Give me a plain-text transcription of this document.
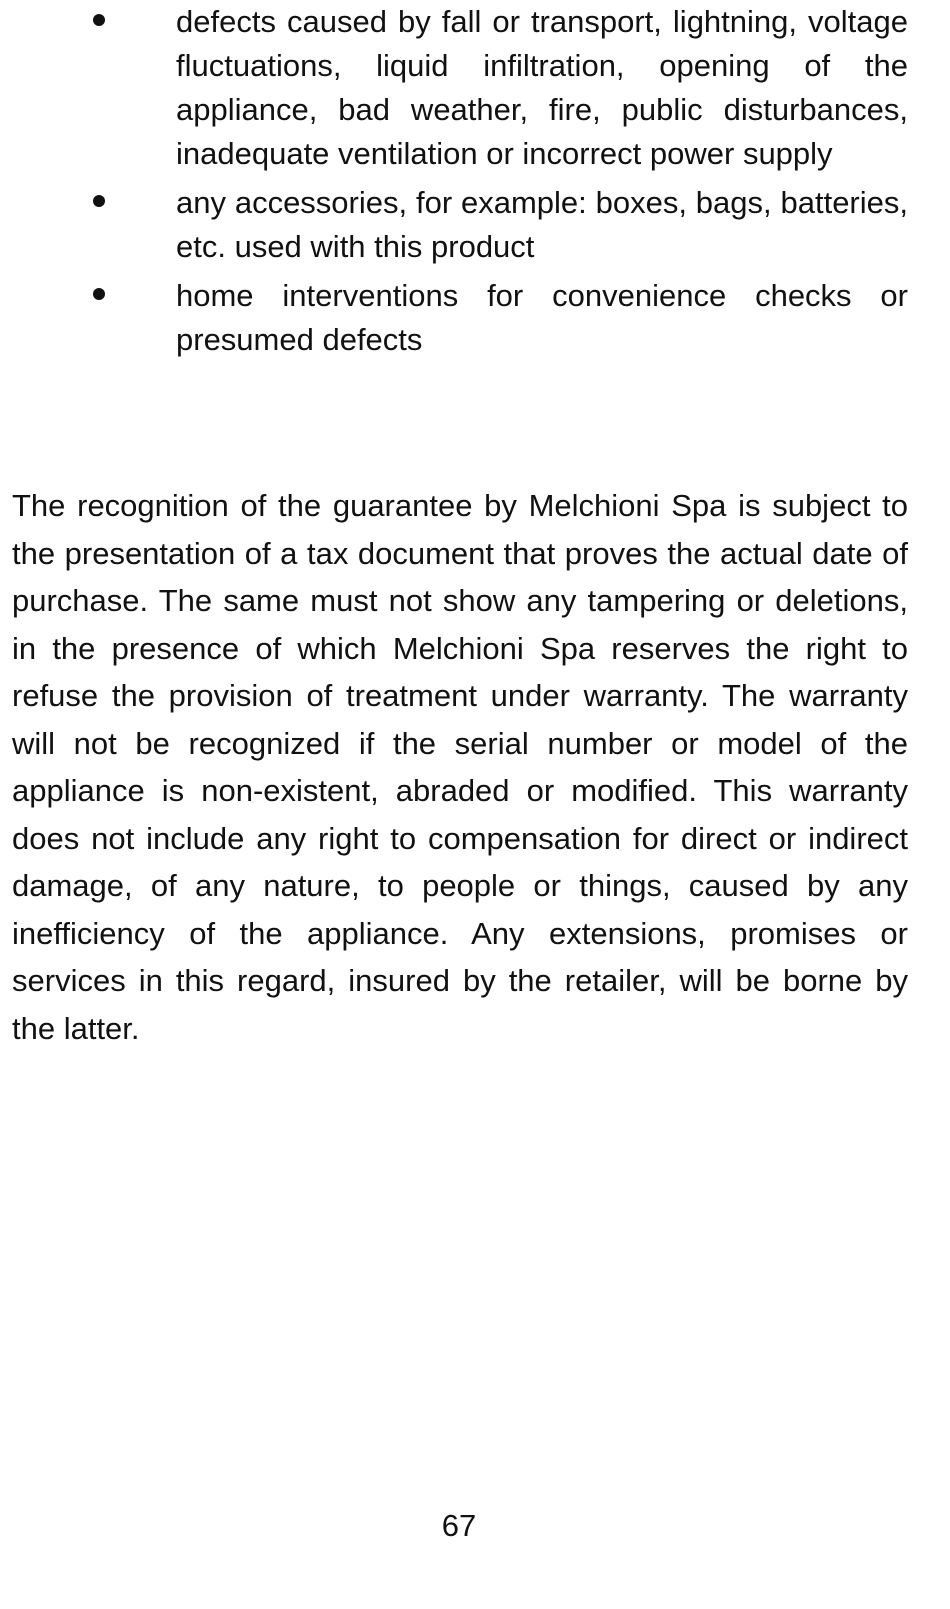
defects caused by fall or transport, lightning, voltage fluctuations, liquid infiltration, opening of the appliance, bad weather, fire, public disturbances, inadequate ventilation or incorrect power supply
any accessories, for example: boxes, bags, batteries, etc. used with this product
home interventions for convenience checks or presumed defects

The recognition of the guarantee by Melchioni Spa is subject to the presentation of a tax document that proves the actual date of purchase. The same must not show any tampering or deletions, in the presence of which Melchioni Spa reserves the right to refuse the provision of treatment under warranty. The warranty will not be recognized if the serial number or model of the appliance is non-existent, abraded or modified. This warranty does not include any right to compensation for direct or indirect damage, of any nature, to people or things, caused by any inefficiency of the appliance. Any extensions, promises or services in this regard, insured by the retailer, will be borne by the latter.

67
